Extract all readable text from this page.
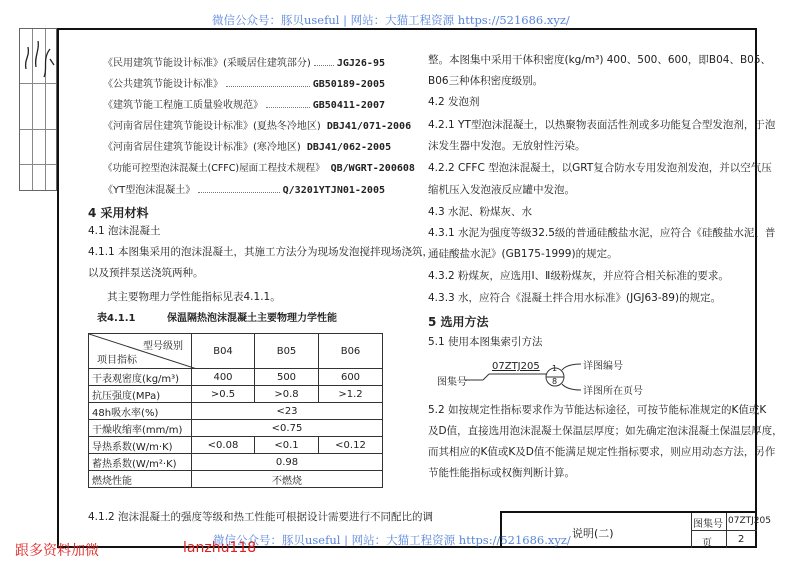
微信公众号：豚贝useful | 网站：大猫工程资源 https://521686.xyz/
《民用建筑节能设计标准》(采暖居住建筑部分)	JGJ26-95
《公共建筑节能设计标准》	GB50189-2005
《建筑节能工程施工质量验收规范》	GB50411-2007
《河南省居住建筑节能设计标准》(夏热冬冷地区) DBJ41/071-2006
《河南省居住建筑节能设计标准》(寒冷地区) DBJ41/062-2005
《功能可控型泡沫混凝土(CFFC)屋面工程技术规程》 QB/WGRT-200608
《YT型泡沫混凝土》	Q/3201YTJN01-2005
4 采用材料
4.1 泡沫混凝土
4.1.1 本图集采用的泡沫混凝土，其施工方法分为现场发泡搅拌现场浇筑，
以及预拌泵送浇筑两种。
其主要物理力学性能指标见表4.1.1。
表4.1.1	保温隔热泡沫混凝土主要物理力学性能
型号级别
项目指标	B04	B05	B06
干表观密度(kg/m³)	400	500	600
抗压强度(MPa)	>0.5	>0.8	>1.2
48h吸水率(%)	<23		
干燥收缩率(mm/m)	<0.75		
导热系数(W/m·K)	<0.08	<0.1	<0.12
蓄热系数(W/m²·K)	0.98		
燃烧性能	不燃烧		
4.1.2 泡沫混凝土的强度等级和热工性能可根据设计需要进行不同配比的调
整。本图集中采用干体积密度(kg/m³) 400、500、600，即B04、B05、
B06三种体积密度级别。
4.2 发泡剂
4.2.1 YT型泡沫混凝土，以热聚物表面活性剂或多功能复合型发泡剂，于泡
沫发生器中发泡。无放射性污染。
4.2.2 CFFC 型泡沫混凝土，以GRT复合防水专用发泡剂发泡，并以空气压
缩机压入发泡液反应罐中发泡。
4.3 水泥、粉煤灰、水
4.3.1 水泥为强度等级32.5级的普通硅酸盐水泥，应符合《硅酸盐水泥、普
通硅酸盐水泥》(GB175-1999)的规定。
4.3.2 粉煤灰，应选用Ⅰ、Ⅱ级粉煤灰，并应符合相关标准的要求。
4.3.3 水，应符合《混凝土拌合用水标准》(JGJ63-89)的规定。
5 选用方法
5.1 使用本图集索引方法
图集号
07ZTJ205 1
8
详图编号
详图所在页号
5.2 如按规定性指标要求作为节能达标途径，可按节能标准规定的K值或K
及D值，直接选用泡沫混凝土保温层厚度；如先确定泡沫混凝土保温层厚度，
而其相应的K值或K及D值不能满足规定性指标要求，则应用动态方法，另作
节能性能指标或权衡判断计算。
说明(二)
图集号 07ZTJ205
页	2
微信公众号：豚贝useful | 网站：大猫工程资源 https://521686.xyz/
跟多资料加微	lanzhu118
